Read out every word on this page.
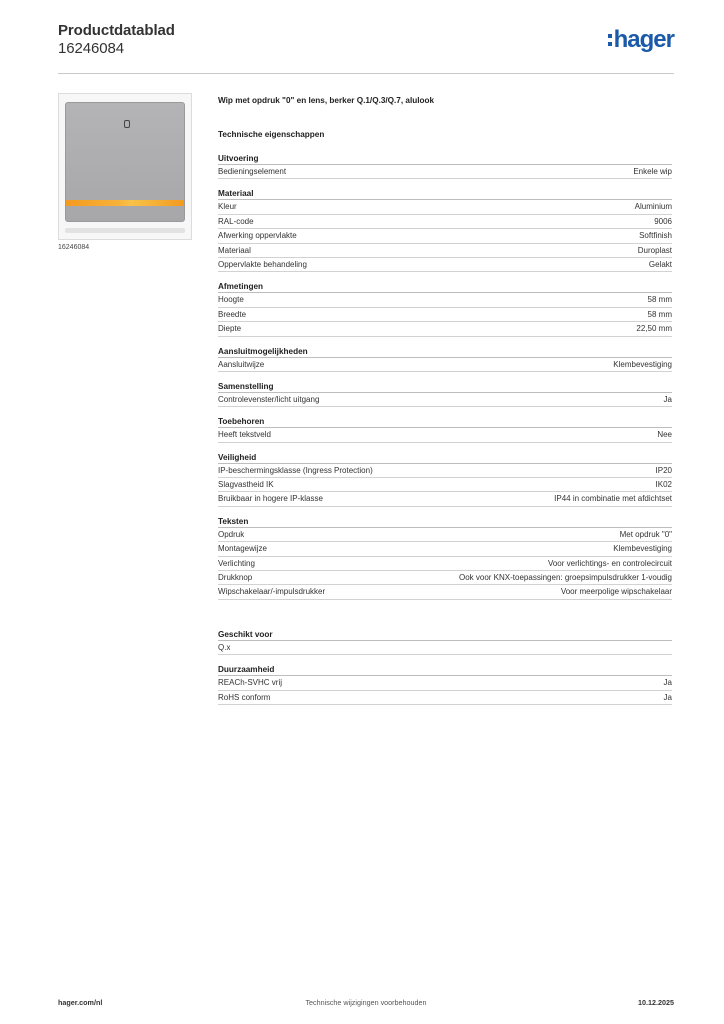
Productdatablad
16246084	hager
16246084
Wip met opdruk "0" en lens, berker Q.1/Q.3/Q.7, alulook
Technische eigenschappen
Uitvoering
Bedieningselement	Enkele wip
Materiaal
Kleur	Aluminium
RAL-code	9006
Afwerking oppervlakte	Softfinish
Materiaal	Duroplast
Oppervlakte behandeling	Gelakt
Afmetingen
Hoogte	58 mm
Breedte	58 mm
Diepte	22,50 mm
Aansluitmogelijkheden
Aansluitwijze	Klembevestiging
Samenstelling
Controlevenster/licht uitgang	Ja
Toebehoren
Heeft tekstveld	Nee
Veiligheid
IP-beschermingsklasse (Ingress Protection)	IP20
Slagvastheid IK	IK02
Bruikbaar in hogere IP-klasse	IP44 in combinatie met afdichtset
Teksten
Opdruk	Met opdruk "0"
Montagewijze	Klembevestiging
Verlichting	Voor verlichtings- en controlecircuit
Drukknop	Ook voor KNX-toepassingen: groepsimpulsdrukker 1-voudig
Wipschakelaar/-impulsdrukker	Voor meerpolige wipschakelaar
Geschikt voor
Q.x
Duurzaamheid
REACh-SVHC vrij	Ja
RoHS conform	Ja
hager.com/nl	Technische wijzigingen voorbehouden	10.12.2025
